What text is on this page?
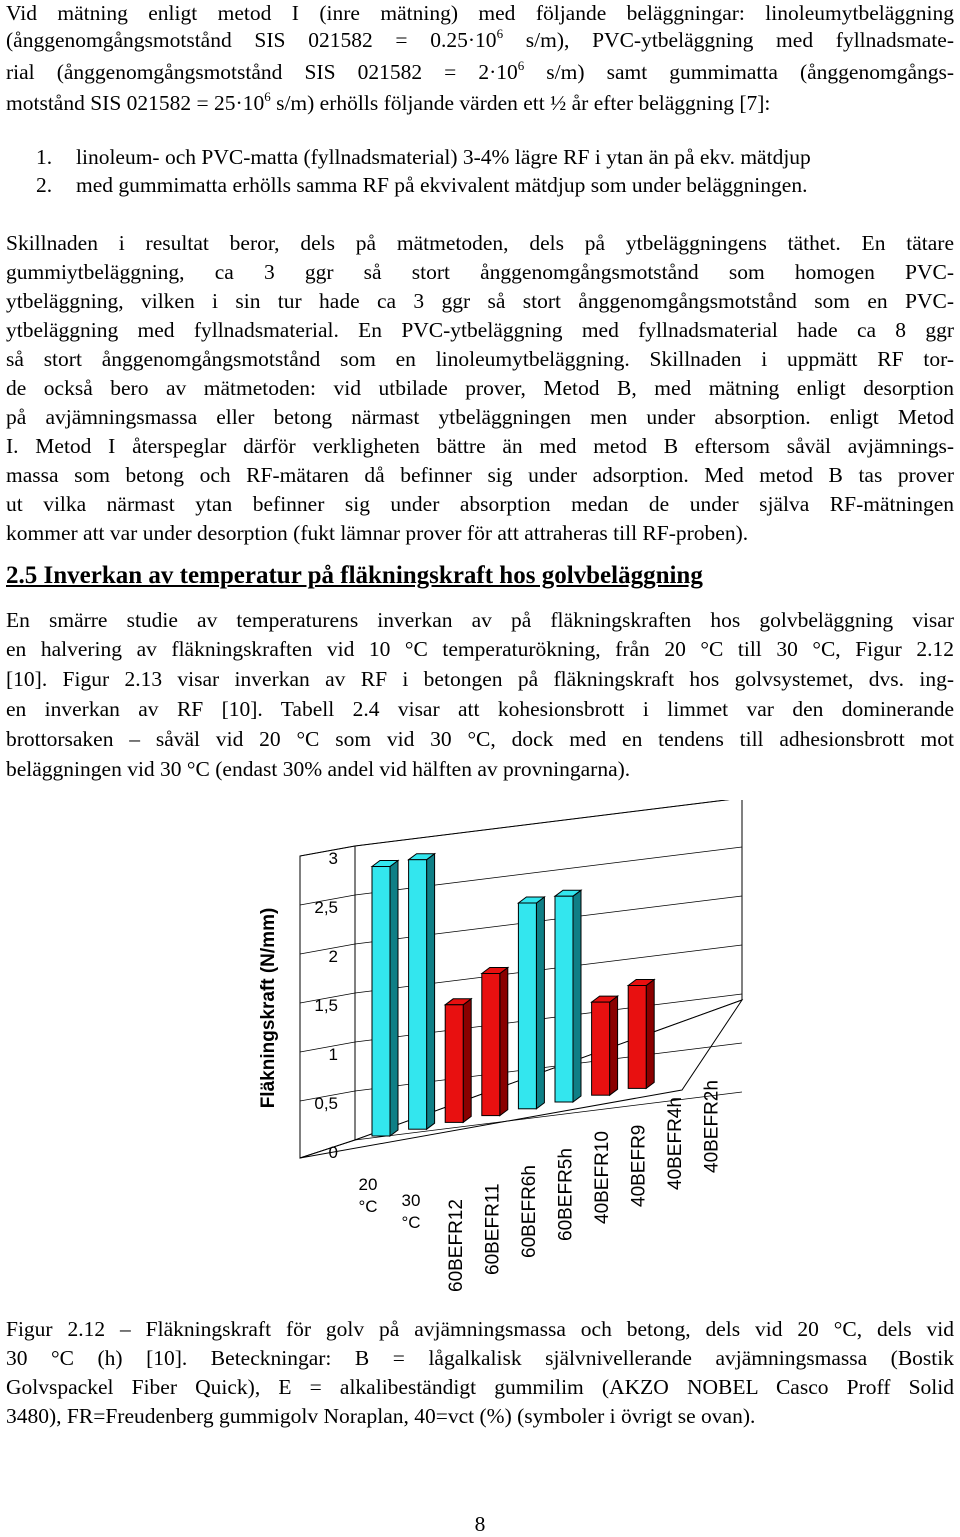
Vid mätning enligt metod I (inre mätning) med följande beläggningar: linoleumytbeläggning
(ånggenomgångsmotstånd SIS $021582 = 0.25\cdot 10^6$ s/m), PVC-ytbeläggning med fyllnadsmate-
rial (ånggenomgångsmotstånd SIS $021582 = 2\cdot 10^6$ s/m) samt gummimatta (ånggenomgångs-
motstånd SIS $021582 = 25\cdot 10^6$ s/m) erhölls följande värden ett ½ år efter beläggning [7]:
1. linoleum- och PVC-matta (fyllnadsmaterial) 3-4% lägre RF i ytan än på ekv. mätdjup
2. med gummimatta erhölls samma RF på ekvivalent mätdjup som under beläggningen.
Skillnaden i resultat beror, dels på mätmetoden, dels på ytbeläggningens täthet. En tätare
gummiytbeläggning, ca 3 ggr så stort ånggenomgångsmotstånd som homogen PVC-
ytbeläggning, vilken i sin tur hade ca 3 ggr så stort ånggenomgångsmotstånd som en PVC-
ytbeläggning med fyllnadsmaterial. En PVC-ytbeläggning med fyllnadsmaterial hade ca 8 ggr
så stort ånggenomgångsmotstånd som en linoleumytbeläggning. Skillnaden i uppmätt RF tor-
de också bero av mätmetoden: vid utbilade prover, Metod B, med mätning enligt desorption
på avjämningsmassa eller betong närmast ytbeläggningen men under absorption. enligt Metod
I. Metod I återspeglar därför verkligheten bättre än med metod B eftersom såväl avjämnings-
massa som betong och RF-mätaren då befinner sig under adsorption. Med metod B tas prover
ut vilka närmast ytan befinner sig under absorption medan de under själva RF-mätningen
kommer att var under desorption (fukt lämnar prover för att attraheras till RF-proben).
2.5 Inverkan av temperatur på fläkningskraft hos golvbeläggning
En smärre studie av temperaturens inverkan av på fläkningskraften hos golvbeläggning visar
en halvering av fläkningskraften vid 10 °C temperaturökning, från 20 °C till 30 °C, Figur 2.12
[10]. Figur 2.13 visar inverkan av RF i betongen på fläkningskraft hos golvsystemet, dvs. ing-
en inverkan av RF [10]. Tabell 2.4 visar att kohesionsbrott i limmet var den dominerande
brottorsaken – såväl vid 20 °C som vid 30 °C, dock med en tendens till adhesionsbrott mot
beläggningen vid 30 °C (endast 30% andel vid hälften av provningarna).
0
0,5
1
1,5
2
2,5
3
60BEFR12 60BEFR11 60BEFR6h 60BEFR5h 40BEFR10 40BEFR9 40BEFR4h 40BEFR2h
20 °C 30 °C
Fläkningskraft (N/mm)
Figur 2.12 – Fläkningskraft för golv på avjämningsmassa och betong, dels vid 20 °C, dels vid
30 °C (h) [10]. Beteckningar: B = lågalkalisk självnivellerande avjämningsmassa (Bostik
Golvspackel Fiber Quick), E = alkalibeständigt gummilim (AKZO NOBEL Casco Proff Solid
3480), FR=Freudenberg gummigolv Noraplan, 40=vct (%) (symboler i övrigt se ovan).
8
